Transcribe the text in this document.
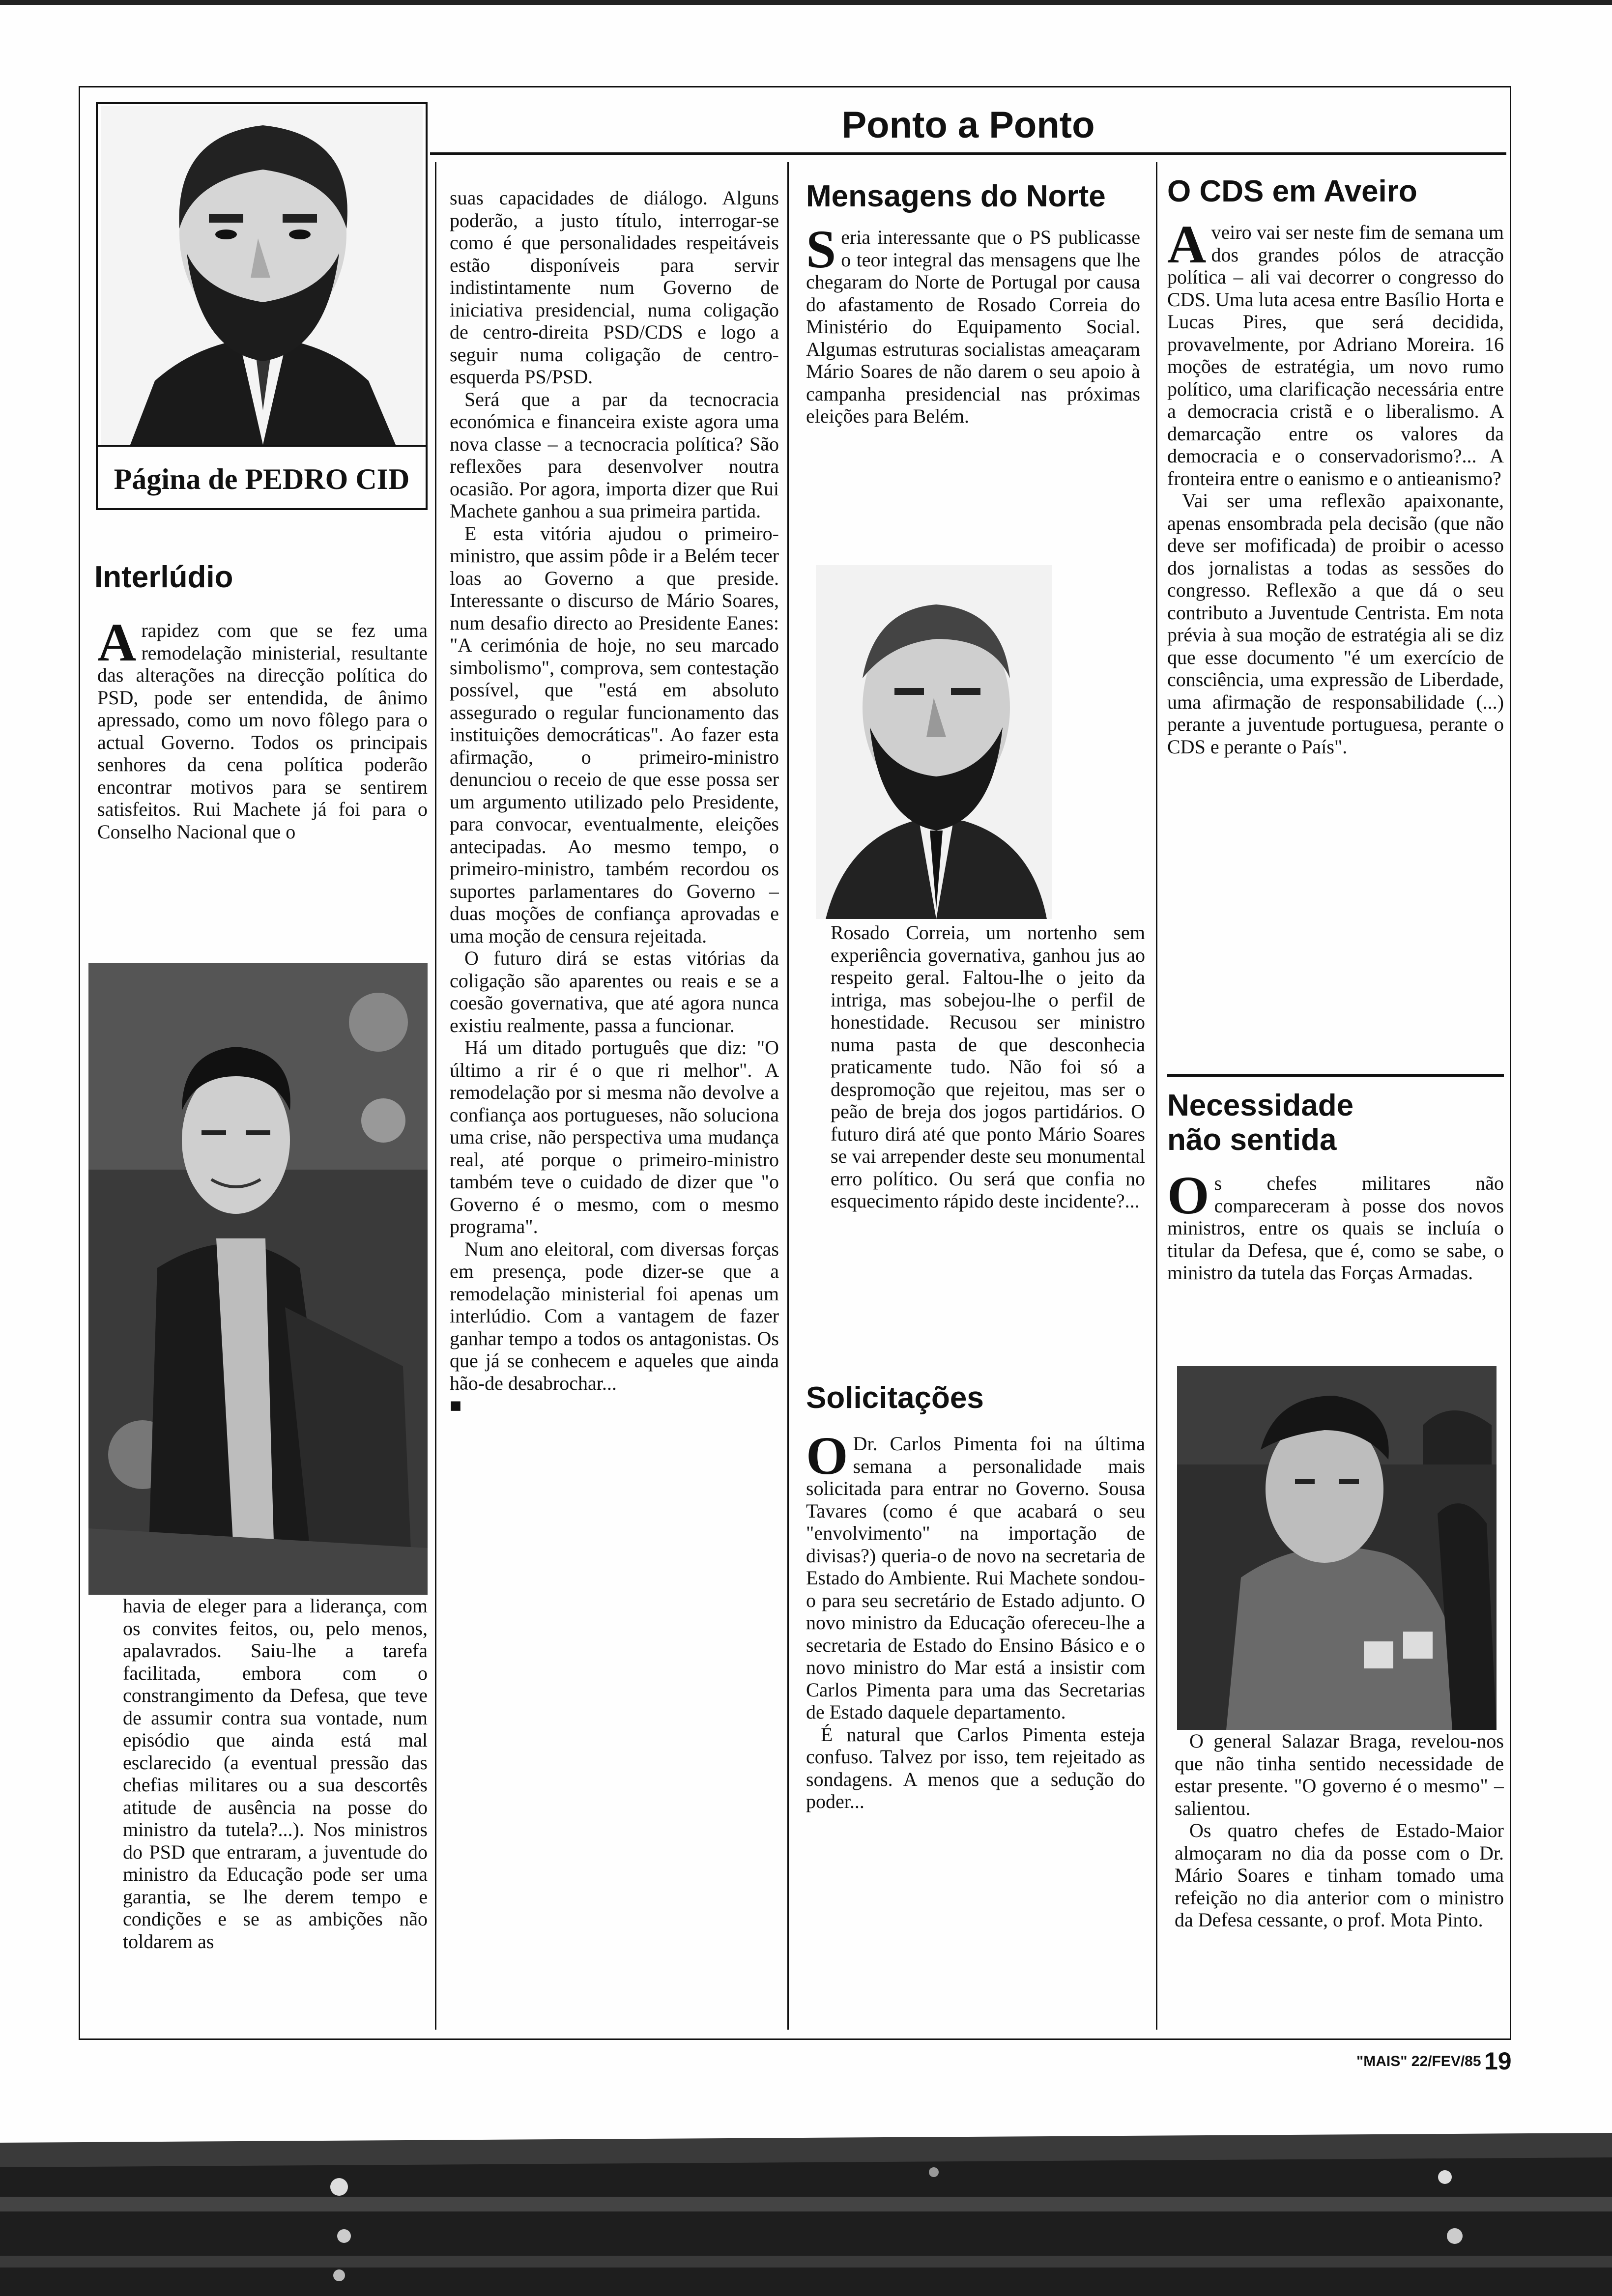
Ponto a Ponto
Página de PEDRO CID
Interlúdio
Arapidez com que se fez uma remodelação ministerial, resultante das alterações na direcção política do PSD, pode ser entendida, de ânimo apressado, como um novo fôlego para o actual Governo. Todos os principais senhores da cena política poderão encontrar motivos para se sentirem satisfeitos. Rui Machete já foi para o Conselho Nacional que o
havia de eleger para a liderança, com os convites feitos, ou, pelo menos, apalavrados. Saiu-lhe a tarefa facilitada, embora com o constrangimento da Defesa, que teve de assumir contra sua vontade, num episódio que ainda está mal esclarecido (a eventual pressão das chefias militares ou a sua descortês atitude de ausência na posse do ministro da tutela?...). Nos ministros do PSD que entraram, a juventude do ministro da Educação pode ser uma garantia, se lhe derem tempo e condições e se as ambições não toldarem as

suas capacidades de diálogo. Alguns poderão, a justo título, interrogar-se como é que personalidades respeitáveis estão disponíveis para servir indistintamente num Governo de iniciativa presidencial, numa coligação de centro-direita PSD/CDS e logo a seguir numa coligação de centro-esquerda PS/PSD.

Será que a par da tecnocracia económica e financeira existe agora uma nova classe – a tecnocracia política? São reflexões para desenvolver noutra ocasião. Por agora, importa dizer que Rui Machete ganhou a sua primeira partida.

E esta vitória ajudou o primeiro-ministro, que assim pôde ir a Belém tecer loas ao Governo a que preside. Interessante o discurso de Mário Soares, num desafio directo ao Presidente Eanes: "A cerimónia de hoje, no seu marcado simbolismo", comprova, sem contestação possível, que "está em absoluto assegurado o regular funcionamento das instituições democráticas". Ao fazer esta afirmação, o primeiro-ministro denunciou o receio de que esse possa ser um argumento utilizado pelo Presidente, para convocar, eventualmente, eleições antecipadas. Ao mesmo tempo, o primeiro-ministro, também recordou os suportes parlamentares do Governo – duas moções de confiança aprovadas e uma moção de censura rejeitada.

O futuro dirá se estas vitórias da coligação são aparentes ou reais e se a coesão governativa, que até agora nunca existiu realmente, passa a funcionar.

Há um ditado português que diz: "O último a rir é o que ri melhor". A remodelação por si mesma não devolve a confiança aos portugueses, não soluciona uma crise, não perspectiva uma mudança real, até porque o primeiro-ministro também teve o cuidado de dizer que "o Governo é o mesmo, com o mesmo programa".

Num ano eleitoral, com diversas forças em presença, pode dizer-se que a remodelação ministerial foi apenas um interlúdio. Com a vantagem de fazer ganhar tempo a todos os antagonistas. Os que já se conhecem e aqueles que ainda hão-de desabrochar...

■
Mensagens do Norte
Seria interessante que o PS publicasse o teor integral das mensagens que lhe chegaram do Norte de Portugal por causa do afastamento de Rosado Correia do Ministério do Equipamento Social. Algumas estruturas socialistas ameaçaram Mário Soares de não darem o seu apoio à campanha presidencial nas próximas eleições para Belém.
Rosado Correia, um nortenho sem experiência governativa, ganhou jus ao respeito geral. Faltou-lhe o jeito da intriga, mas sobejou-lhe o perfil de honestidade. Recusou ser ministro numa pasta de que desconhecia praticamente tudo. Não foi só a despromoção que rejeitou, mas ser o peão de breja dos jogos partidários. O futuro dirá até que ponto Mário Soares se vai arrepender deste seu monumental erro político. Ou será que confia no esquecimento rápido deste incidente?...
Solicitações
O Dr. Carlos Pimenta foi na última semana a personalidade mais solicitada para entrar no Governo. Sousa Tavares (como é que acabará o seu "envolvimento" na importação de divisas?) queria-o de novo na secretaria de Estado do Ambiente. Rui Machete sondou-o para seu secretário de Estado adjunto. O novo ministro da Educação ofereceu-lhe a secretaria de Estado do Ensino Básico e o novo ministro do Mar está a insistir com Carlos Pimenta para uma das Secretarias de Estado daquele departamento.

É natural que Carlos Pimenta esteja confuso. Talvez por isso, tem rejeitado as sondagens. A menos que a sedução do poder...

O CDS em Aveiro
Aveiro vai ser neste fim de semana um dos grandes pólos de atracção política – ali vai decorrer o congresso do CDS. Uma luta acesa entre Basílio Horta e Lucas Pires, que será decidida, provavelmente, por Adriano Moreira. 16 moções de estratégia, um novo rumo político, uma clarificação necessária entre a democracia cristã e o liberalismo. A demarcação entre os valores da democracia e o conservadorismo?... A fronteira entre o eanismo e o antieanismo?

Vai ser uma reflexão apaixonante, apenas ensombrada pela decisão (que não deve ser mofificada) de proibir o acesso dos jornalistas a todas as sessões do congresso. Reflexão a que dá o seu contributo a Juventude Centrista. Em nota prévia à sua moção de estratégia ali se diz que esse documento "é um exercício de consciência, uma expressão de Liberdade, uma afirmação de responsabilidade (...) perante a juventude portuguesa, perante o CDS e perante o País".

Necessidade
não sentida
Os chefes militares não compareceram à posse dos novos ministros, entre os quais se incluía o titular da Defesa, que é, como se sabe, o ministro da tutela das Forças Armadas.

O general Salazar Braga, revelou-nos que não tinha sentido necessidade de estar presente. "O governo é o mesmo" – salientou.

Os quatro chefes de Estado-Maior almoçaram no dia da posse com o Dr. Mário Soares e tinham tomado uma refeição no dia anterior com o ministro da Defesa cessante, o prof. Mota Pinto.

"MAIS" 22/FEV/85 19
